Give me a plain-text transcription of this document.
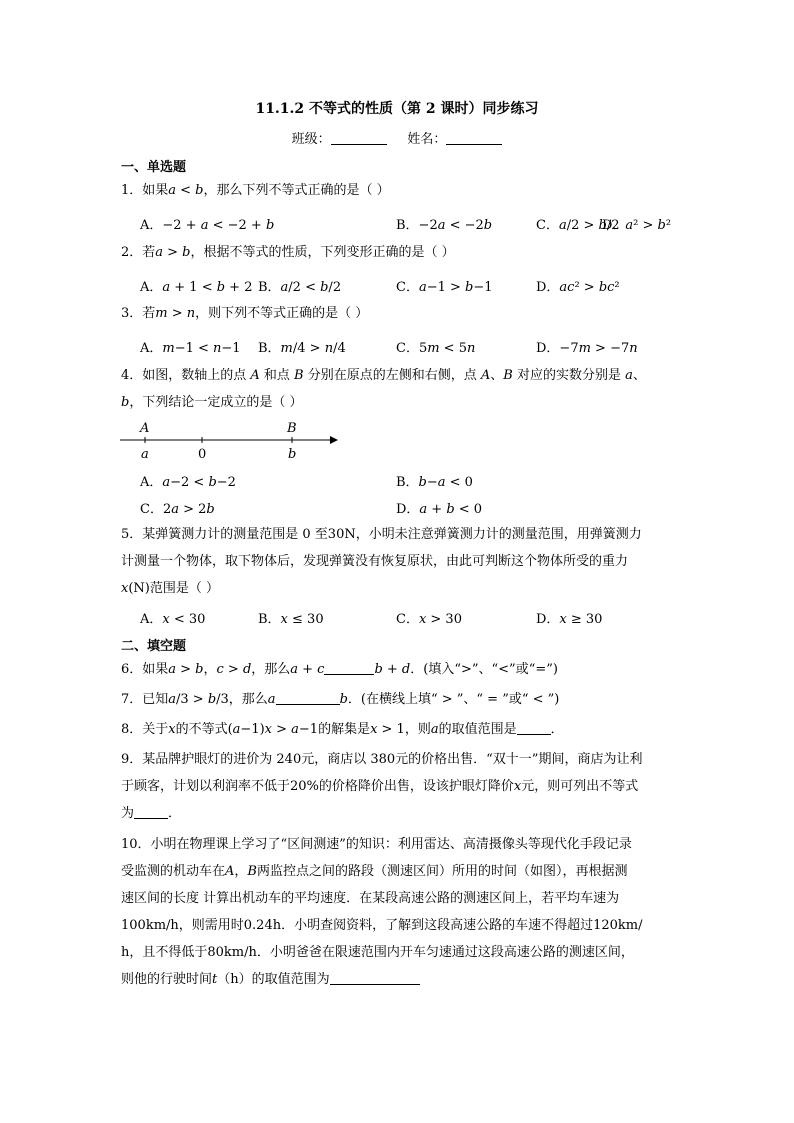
11.1.2 不等式的性质（第 2 课时）同步练习
班级：	姓名：
一、单选题
1．如果𝑎 < 𝑏，那么下列不等式正确的是（ ）
A．−2 + 𝑎 < −2 + 𝑏	B．−2𝑎 < −2𝑏	C．𝑎/2 > 𝑏/2
D．𝑎² > 𝑏²
2．若𝑎 > 𝑏，根据不等式的性质，下列变形正确的是（ ）
A．𝑎 + 1 < 𝑏 + 2 B．𝑎/2 < 𝑏/2	C．𝑎−1 > 𝑏−1	D．𝑎𝑐² > 𝑏𝑐²
3．若𝑚 > 𝑛，则下列不等式正确的是（ ）
A．𝑚−1 < 𝑛−1 B．𝑚/4 > 𝑛/4	C．5𝑚 < 5𝑛	D．−7𝑚 > −7𝑛
4．如图，数轴上的点 𝐴 和点 𝐵 分别在原点的左侧和右侧，点 𝐴、𝐵 对应的实数分别是 𝑎、
𝑏，下列结论一定成立的是（ ）
𝐴	𝐵
0
𝑎	𝑏
A．𝑎−2 < 𝑏−2	B．𝑏−𝑎 < 0
C．2𝑎 > 2𝑏	D．𝑎 + 𝑏 < 0
5．某弹簧测力计的测量范围是 0 至30N，小明未注意弹簧测力计的测量范围，用弹簧测力
计测量一个物体，取下物体后，发现弹簧没有恢复原状，由此可判断这个物体所受的重力
𝑥(N)范围是（ ）
A．𝑥 < 30	B．𝑥 ≤ 30	C．𝑥 > 30	D．𝑥 ≥ 30
二、填空题
6．如果𝑎 > 𝑏，𝑐 > 𝑑，那么𝑎 + 𝑐	𝑏 + 𝑑．(填入“>”、“<”或“=”)
7．已知𝑎/3 > 𝑏/3，那么𝑎	𝑏．(在横线上填“ > ”、“ = ”或“ < ”)
8．关于𝑥的不等式(𝑎−1)𝑥 > 𝑎−1的解集是𝑥 > 1，则𝑎的取值范围是	．
9．某品牌护眼灯的进价为 240元，商店以 380元的价格出售．“双十一”期间，商店为让利
于顾客，计划以利润率不低于20%的价格降价出售，设该护眼灯降价𝑥元，则可列出不等式
为	．
10．小明在物理课上学习了“区间测速”的知识：利用雷达、高清摄像头等现代化手段记录
受监测的机动车在𝐴，𝐵两监控点之间的路段（测速区间）所用的时间（如图），再根据测
速区间的长度 计算出机动车的平均速度．在某段高速公路的测速区间上，若平均车速为
100km/h，则需用时0.24h．小明查阅资料，了解到这段高速公路的车速不得超过120km/
h，且不得低于80km/h．小明爸爸在限速范围内开车匀速通过这段高速公路的测速区间，
则他的行驶时间𝑡（h）的取值范围为
